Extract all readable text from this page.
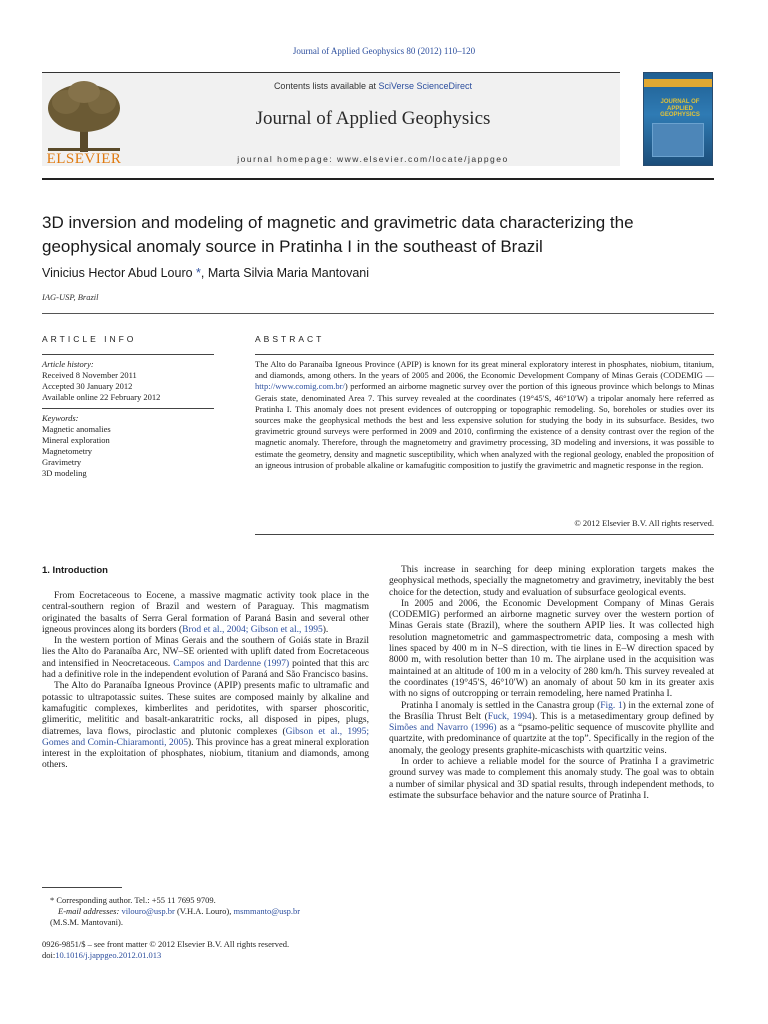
Journal of Applied Geophysics 80 (2012) 110–120
ELSEVIER
Contents lists available at SciVerse ScienceDirect
Journal of Applied Geophysics
journal homepage: www.elsevier.com/locate/jappgeo
JOURNAL OF APPLIED GEOPHYSICS
3D inversion and modeling of magnetic and gravimetric data characterizing the
geophysical anomaly source in Pratinha I in the southeast of Brazil
Vinicius Hector Abud Louro *, Marta Silvia Maria Mantovani
IAG-USP, Brazil
ARTICLE INFO	ABSTRACT
Article history:
Received 8 November 2011
Accepted 30 January 2012
Available online 22 February 2012
Keywords:
Magnetic anomalies
Mineral exploration
Magnetometry
Gravimetry
3D modeling
The Alto do Paranaíba Igneous Province (APIP) is known for its great mineral exploratory interest in phosphates, niobium, titanium, and diamonds, among others. In the years of 2005 and 2006, the Economic Development Company of Minas Gerais (CODEMIG — http://www.comig.com.br/) performed an airborne magnetic survey over the portion of this igneous province which belongs to Minas Gerais state, denominated Area 7. This survey revealed at the coordinates (19°45′S, 46°10′W) a tripolar anomaly here referred as Pratinha I. This anomaly does not present evidences of outcropping or topographic remodeling. So, boreholes or studies over its sources make the geophysical methods the best and less expensive solution for studying the body in its subsurface. Besides, two gravimetric ground surveys were performed in 2009 and 2010, confirming the existence of a density contrast over the region of the magnetic anomaly. Therefore, through the magnetometry and gravimetry processing, 3D modeling and inversions, it was possible to estimate the geometry, density and magnetic susceptibility, which when analyzed with the regional geology, enabled the proposition of an igneous intrusion of probable alkaline or kamafugitic composition to justify the gravimetric and magnetic response in the region.
© 2012 Elsevier B.V. All rights reserved.
1. Introduction

From Eocretaceous to Eocene, a massive magmatic activity took place in the central-southern region of Brazil and western of Paraguay. This magmatism originated the basalts of Serra Geral formation of Paraná Basin and several other igneous provinces along its borders (Brod et al., 2004; Gibson et al., 1995).

In the western portion of Minas Gerais and the southern of Goiás state in Brazil lies the Alto do Paranaíba Arc, NW–SE oriented with uplift dated from Eocretaceous and intensified in Neocretaceous. Campos and Dardenne (1997) pointed that this arc had a definitive role in the independent evolution of Paraná and São Francisco basins.

The Alto do Paranaíba Igneous Province (APIP) presents mafic to ultramafic and potassic to ultrapotassic suites. These suites are composed mainly by alkaline and kamafugitic complexes, kimberlites and peridotites, with sparser phoscoritic, glimeritic, melititic and basalt-ankaratritic rocks, all disposed in pipes, plugs, diatremes, lava flows, piroclastic and plutonic complexes (Gibson et al., 1995; Gomes and Comin-Chiaramonti, 2005). This province has a great mineral exploration interest in the exploitation of phosphates, niobium, titanium and diamonds, among others.

This increase in searching for deep mining exploration targets makes the geophysical methods, specially the magnetometry and gravimetry, inevitably the best choice for the detection, study and evaluation of subsurface geological events.

In 2005 and 2006, the Economic Development Company of Minas Gerais (CODEMIG) performed an airborne magnetic survey over the western portion of Minas Gerais state (Brazil), where the southern APIP lies. It was collected high resolution magnetometric and gammaspectrometric data, composing a mesh with lines spaced by 400 m in N–S direction, with tie lines in E–W direction spaced by 8000 m, with resolution better than 10 m. The airplane used in the acquisition was maintained at an altitude of 100 m in a velocity of 280 km/h. This survey revealed at the coordinates (19°45′S, 46°10′W) an anomaly of about 50 km in its greater axis with no signs of outcropping or terrain remodeling, here named Pratinha I.

Pratinha I anomaly is settled in the Canastra group (Fig. 1) in the external zone of the Brasília Thrust Belt (Fuck, 1994). This is a metasedimentary group defined by Simões and Navarro (1996) as a “psamo-pelitic sequence of muscovite phyllite and quartzite, with predominance of quartzite at the top”. Specifically in the region of the anomaly, the geology presents graphite-micaschists with quartzitic veins.

In order to achieve a reliable model for the source of Pratinha I a gravimetric ground survey was made to complement this anomaly study. The goal was to obtain a number of similar physical and 3D spatial results, through independent methods, to estimate the subsurface behavior and the nature source of Pratinha I.

* Corresponding author. Tel.: +55 11 7695 9709.
E-mail addresses: vilouro@usp.br (V.H.A. Louro), msmmanto@usp.br
(M.S.M. Mantovani).
0926-9851/$ – see front matter © 2012 Elsevier B.V. All rights reserved.
doi:10.1016/j.jappgeo.2012.01.013
